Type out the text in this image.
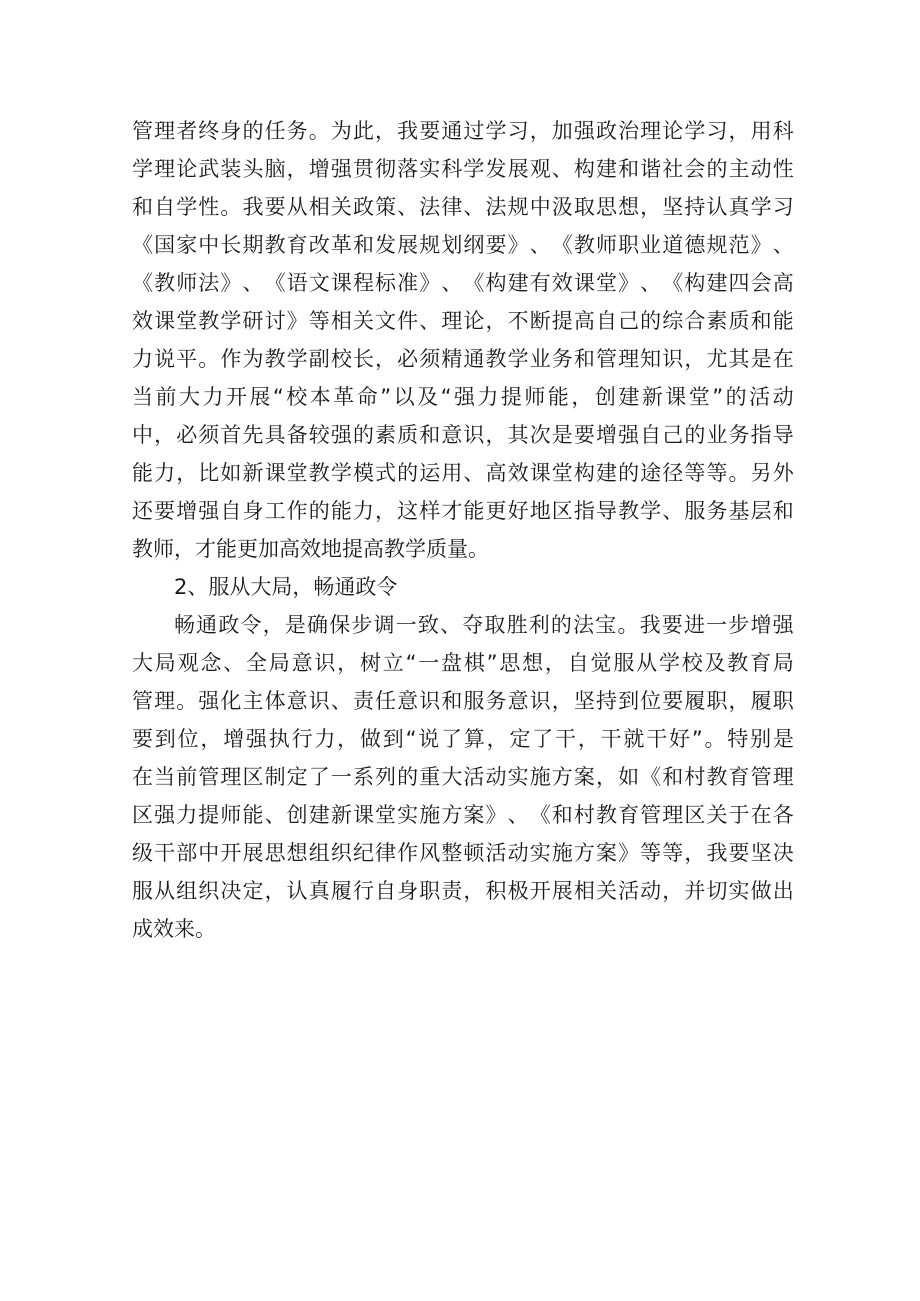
管 理 者 终 身 的 任 务 。 为 此 ， 我 要 通 过 学 习 ， 加 强 政 治 理 论 学 习 ， 用 科
学 理 论 武 装 头 脑 ， 增 强 贯 彻 落 实 科 学 发 展 观 、 构 建 和 谐 社 会 的 主 动 性
和 自 学 性 。 我 要 从 相 关 政 策 、 法 律 、 法 规 中 汲 取 思 想 ， 坚 持 认 真 学 习
《 国 家 中 长 期 教 育 改 革 和 发 展 规 划 纲 要 》 、 《 教 师 职 业 道 德 规 范 》 、
《 教 师 法 》 、 《 语 文 课 程 标 准 》 、 《 构 建 有 效 课 堂 》 、 《 构 建 四 会 高
效 课 堂 教 学 研 讨 》 等 相 关 文 件 、 理 论 ， 不 断 提 高 自 己 的 综 合 素 质 和 能
力 说 平 。 作 为 教 学 副 校 长 ， 必 须 精 通 教 学 业 务 和 管 理 知 识 ， 尤 其 是 在
当 前 大 力 开 展 “ 校 本 革 命 ” 以 及 “ 强 力 提 师 能 ， 创 建 新 课 堂 ” 的 活 动
中 ， 必 须 首 先 具 备 较 强 的 素 质 和 意 识 ， 其 次 是 要 增 强 自 己 的 业 务 指 导
能 力 ， 比 如 新 课 堂 教 学 模 式 的 运 用 、 高 效 课 堂 构 建 的 途 径 等 等 。 另 外
还 要 增 强 自 身 工 作 的 能 力 ， 这 样 才 能 更 好 地 区 指 导 教 学 、 服 务 基 层 和
教师，才能更加高效地提高教学质量。
2、服从大局，畅通政令
畅 通 政 令 ， 是 确 保 步 调 一 致 、 夺 取 胜 利 的 法 宝 。 我 要 进 一 步 增 强
大 局 观 念 、 全 局 意 识 ， 树 立 “ 一 盘 棋 ” 思 想 ， 自 觉 服 从 学 校 及 教 育 局
管 理 。 强 化 主 体 意 识 、 责 任 意 识 和 服 务 意 识 ， 坚 持 到 位 要 履 职 ， 履 职
要 到 位 ， 增 强 执 行 力 ， 做 到 “ 说 了 算 ， 定 了 干 ， 干 就 干 好 ” 。 特 别 是
在 当 前 管 理 区 制 定 了 一 系 列 的 重 大 活 动 实 施 方 案 ， 如 《 和 村 教 育 管 理
区 强 力 提 师 能 、 创 建 新 课 堂 实 施 方 案 》 、 《 和 村 教 育 管 理 区 关 于 在 各
级 干 部 中 开 展 思 想 组 织 纪 律 作 风 整 顿 活 动 实 施 方 案 》 等 等 ， 我 要 坚 决
服 从 组 织 决 定 ， 认 真 履 行 自 身 职 责 ， 积 极 开 展 相 关 活 动 ， 并 切 实 做 出
成效来。
